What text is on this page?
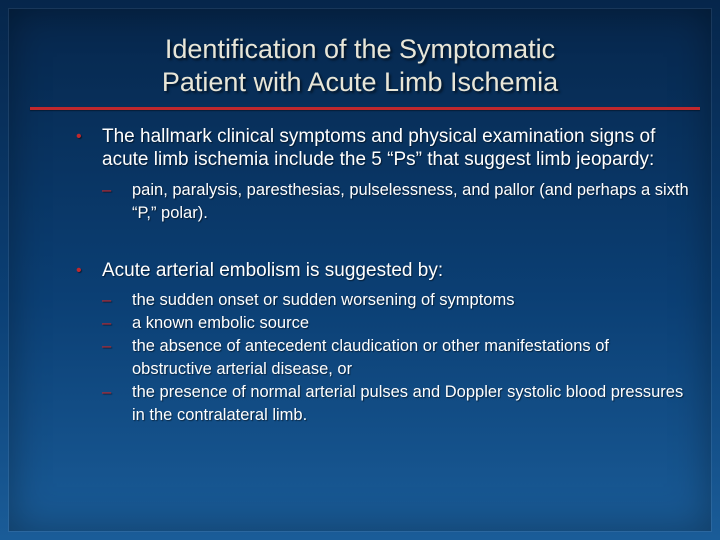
Identification of the Symptomatic
Patient with Acute Limb Ischemia
• The hallmark clinical symptoms and physical examination signs of acute limb ischemia include the 5 “Ps” that suggest limb jeopardy:
– pain, paralysis, paresthesias, pulselessness, and pallor (and perhaps a sixth “P,” polar).
• Acute arterial embolism is suggested by:
– the sudden onset or sudden worsening of symptoms
– a known embolic source
– the absence of antecedent claudication or other manifestations of obstructive arterial disease, or
– the presence of normal arterial pulses and Doppler systolic blood pressures in the contralateral limb.
